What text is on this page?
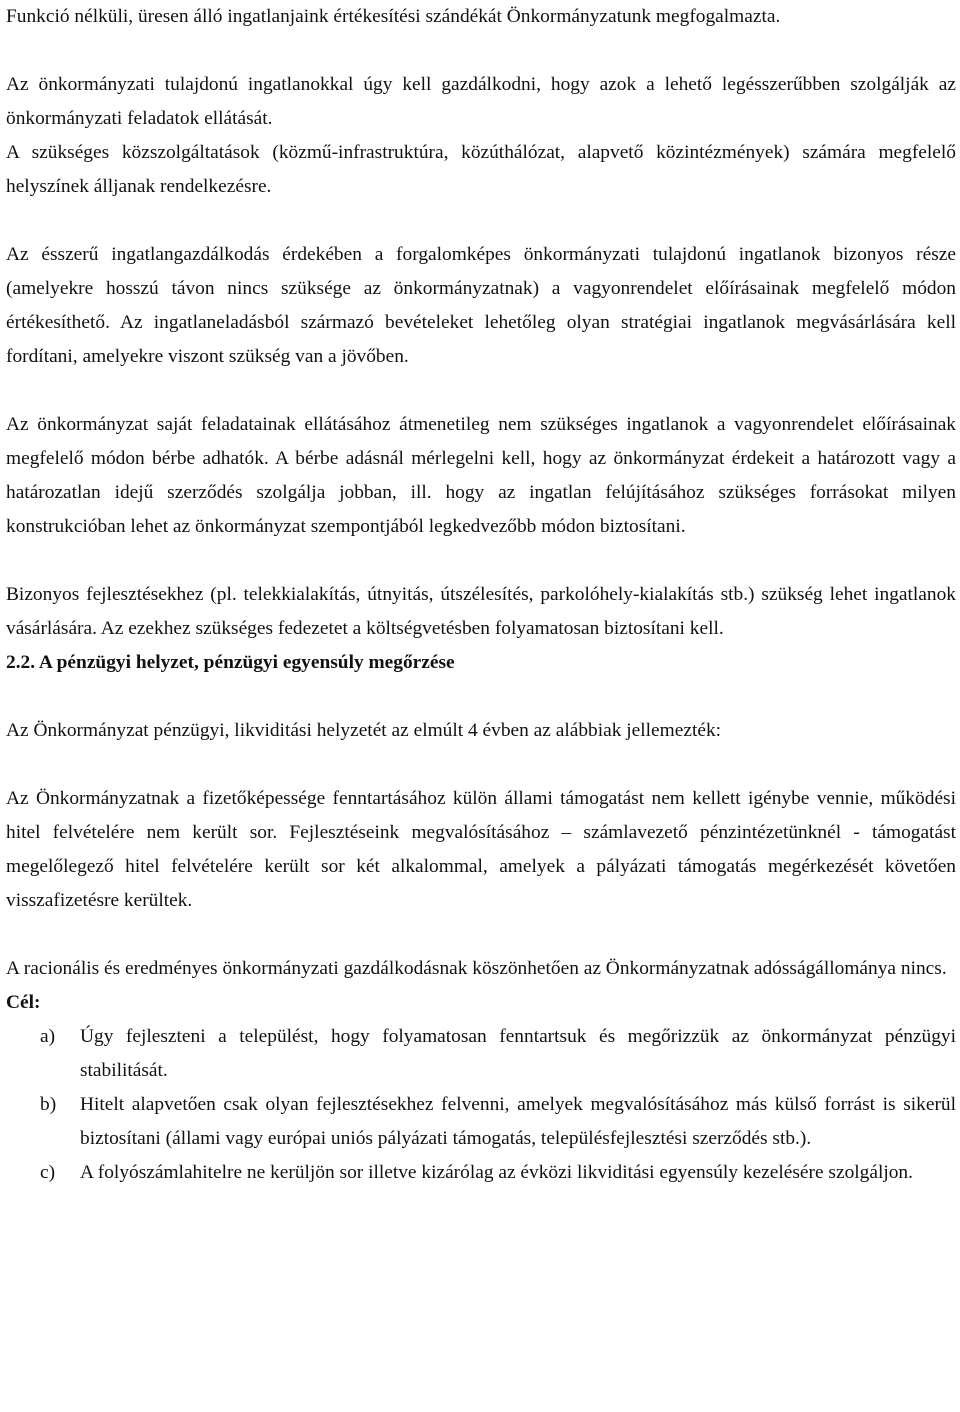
Funkció nélküli, üresen álló ingatlanjaink értékesítési szándékát Önkormányzatunk megfogalmazta.

Az önkormányzati tulajdonú ingatlanokkal úgy kell gazdálkodni, hogy azok a lehető legésszerűbben szolgálják az önkormányzati feladatok ellátását.

A szükséges közszolgáltatások (közmű-infrastruktúra, közúthálózat, alapvető közintézmények) számára megfelelő helyszínek álljanak rendelkezésre.

Az ésszerű ingatlangazdálkodás érdekében a forgalomképes önkormányzati tulajdonú ingatlanok bizonyos része (amelyekre hosszú távon nincs szüksége az önkormányzatnak) a vagyonrendelet előírásainak megfelelő módon értékesíthető. Az ingatlaneladásból származó bevételeket lehetőleg olyan stratégiai ingatlanok megvásárlására kell fordítani, amelyekre viszont szükség van a jövőben.

Az önkormányzat saját feladatainak ellátásához átmenetileg nem szükséges ingatlanok a vagyonrendelet előírásainak megfelelő módon bérbe adhatók. A bérbe adásnál mérlegelni kell, hogy az önkormányzat érdekeit a határozott vagy a határozatlan idejű szerződés szolgálja jobban, ill. hogy az ingatlan felújításához szükséges forrásokat milyen konstrukcióban lehet az önkormányzat szempontjából legkedvezőbb módon biztosítani.

Bizonyos fejlesztésekhez (pl. telekkialakítás, útnyitás, útszélesítés, parkolóhely-kialakítás stb.) szükség lehet ingatlanok vásárlására. Az ezekhez szükséges fedezetet a költségvetésben folyamatosan biztosítani kell.

2.2. A pénzügyi helyzet, pénzügyi egyensúly megőrzése

Az Önkormányzat pénzügyi, likviditási helyzetét az elmúlt 4 évben az alábbiak jellemezték:

Az Önkormányzatnak a fizetőképessége fenntartásához külön állami támogatást nem kellett igénybe vennie, működési hitel felvételére nem került sor. Fejlesztéseink megvalósításához – számlavezető pénzintézetünknél - támogatást megelőlegező hitel felvételére került sor két alkalommal, amelyek a pályázati támogatás megérkezését követően visszafizetésre kerültek.

A racionális és eredményes önkormányzati gazdálkodásnak köszönhetően az Önkormányzatnak adósságállománya nincs.

Cél:

a) Úgy fejleszteni a települést, hogy folyamatosan fenntartsuk és megőrizzük az önkormányzat pénzügyi stabilitását.
b) Hitelt alapvetően csak olyan fejlesztésekhez felvenni, amelyek megvalósításához más külső forrást is sikerül biztosítani (állami vagy európai uniós pályázati támogatás, településfejlesztési szerződés stb.).
c) A folyószámlahitelre ne kerüljön sor illetve kizárólag az évközi likviditási egyensúly kezelésére szolgáljon.
